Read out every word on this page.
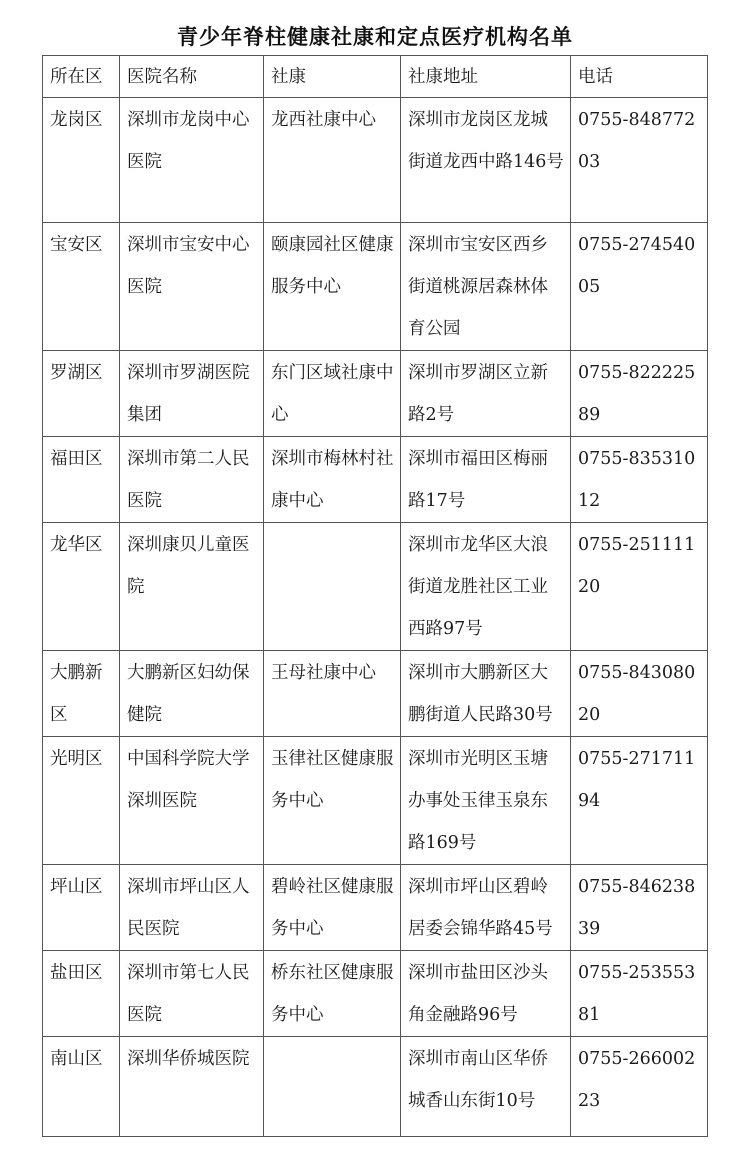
青少年脊柱健康社康和定点医疗机构名单
所在区	医院名称	社康	社康地址	电话
龙岗区	深圳市龙岗中心医院	龙西社康中心	深圳市龙岗区龙城街道龙西中路146号	0755-84877203
宝安区	深圳市宝安中心医院	颐康园社区健康服务中心	深圳市宝安区西乡街道桃源居森林体育公园	0755-27454005
罗湖区	深圳市罗湖医院集团	东门区域社康中心	深圳市罗湖区立新路2号	0755-82222589
福田区	深圳市第二人民医院	深圳市梅林村社康中心	深圳市福田区梅丽路17号	0755-83531012
龙华区	深圳康贝儿童医院		深圳市龙华区大浪街道龙胜社区工业西路97号	0755-25111120
大鹏新区	大鹏新区妇幼保健院	王母社康中心	深圳市大鹏新区大鹏街道人民路30号	0755-84308020
光明区	中国科学院大学深圳医院	玉律社区健康服务中心	深圳市光明区玉塘办事处玉律玉泉东路169号	0755-27171194
坪山区	深圳市坪山区人民医院	碧岭社区健康服务中心	深圳市坪山区碧岭居委会锦华路45号	0755-84623839
盐田区	深圳市第七人民医院	桥东社区健康服务中心	深圳市盐田区沙头角金融路96号	0755-25355381
南山区	深圳华侨城医院		深圳市南山区华侨城香山东街10号	0755-26600223
